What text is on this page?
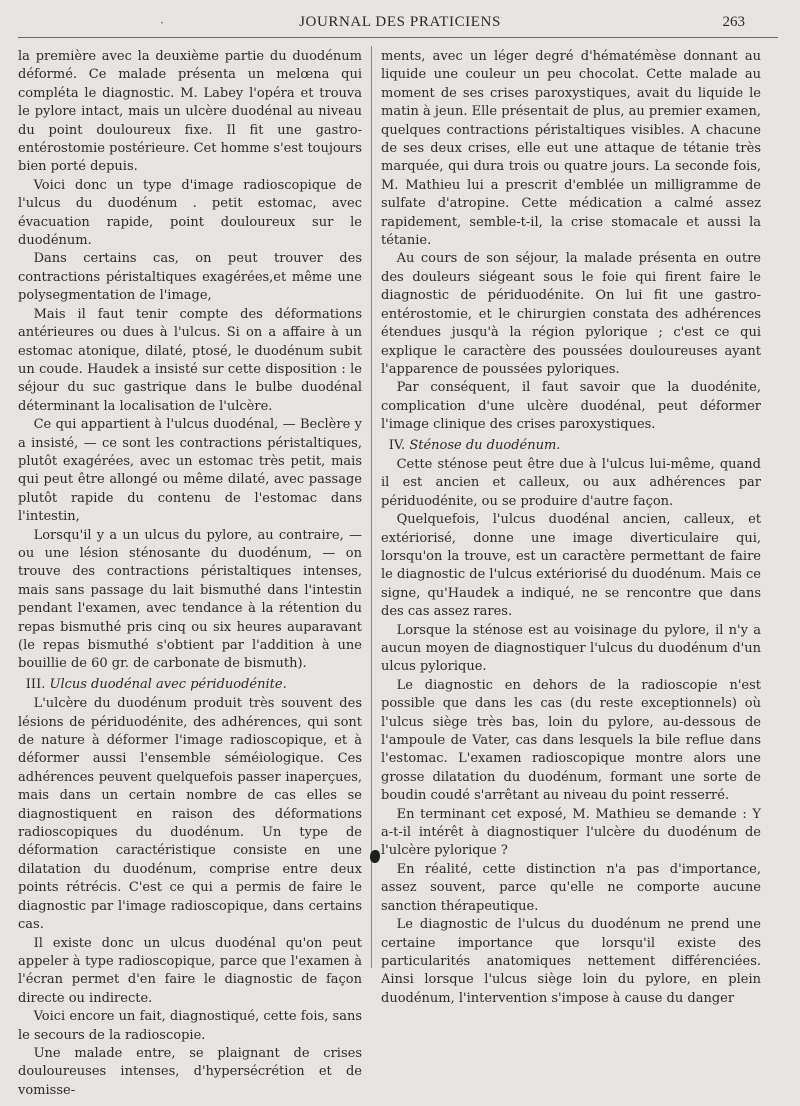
·	JOURNAL DES PRATICIENS	263

la première avec la deuxième partie du duodénum déformé. Ce malade présenta un melœna qui compléta le diagnostic. M. Labey l'opéra et trouva le pylore intact, mais un ulcère duodénal au niveau du point douloureux fixe. Il fit une gastro-entérostomie postérieure. Cet homme s'est toujours bien porté depuis.

Voici donc un type d'image radioscopique de l'ulcus du duodénum . petit estomac, avec évacuation rapide, point douloureux sur le duodénum.

Dans certains cas, on peut trouver des contractions péristaltiques exagérées,et même une polysegmentation de l'image,

Mais il faut tenir compte des déformations antérieures ou dues à l'ulcus. Si on a affaire à un estomac atonique, dilaté, ptosé, le duodénum subit un coude. Haudek a insisté sur cette disposition : le séjour du suc gastrique dans le bulbe duodénal déterminant la localisation de l'ulcère.

Ce qui appartient à l'ulcus duodénal, — Beclère y a insisté, — ce sont les contractions péristaltiques, plutôt exagérées, avec un estomac très petit, mais qui peut être allongé ou même dilaté, avec passage plutôt rapide du contenu de l'estomac dans l'intestin,

Lorsqu'il y a un ulcus du pylore, au contraire, — ou une lésion sténosante du duodénum, — on trouve des contractions péristaltiques intenses, mais sans passage du lait bismuthé dans l'intestin pendant l'examen, avec tendance à la rétention du repas bismuthé pris cinq ou six heures auparavant (le repas bismuthé s'obtient par l'addition à une bouillie de 60 gr. de carbonate de bismuth).

III. Ulcus duodénal avec périduodénite.

L'ulcère du duodénum produit très souvent des lésions de périduodénite, des adhérences, qui sont de nature à déformer l'image radioscopique, et à déformer aussi l'ensemble séméiologique. Ces adhérences peuvent quelquefois passer inaperçues, mais dans un certain nombre de cas elles se diagnostiquent en raison des déformations radioscopiques du duodénum. Un type de déformation caractéristique consiste en une dilatation du duodénum, comprise entre deux points rétrécis. C'est ce qui a permis de faire le diagnostic par l'image radioscopique, dans certains cas.

Il existe donc un ulcus duodénal qu'on peut appeler à type radioscopique, parce que l'examen à l'écran permet d'en faire le diagnostic de façon directe ou indirecte.

Voici encore un fait, diagnostiqué, cette fois, sans le secours de la radioscopie.

Une malade entre, se plaignant de crises douloureuses intenses, d'hypersécrétion et de vomisse-

ments, avec un léger degré d'hématémèse donnant au liquide une couleur un peu chocolat. Cette malade au moment de ses crises paroxystiques, avait du liquide le matin à jeun. Elle présentait de plus, au premier examen, quelques contractions péristaltiques visibles. A chacune de ses deux crises, elle eut une attaque de tétanie très marquée, qui dura trois ou quatre jours. La seconde fois, M. Mathieu lui a prescrit d'emblée un milligramme de sulfate d'atropine. Cette médication a calmé assez rapidement, semble-t-il, la crise stomacale et aussi la tétanie.

Au cours de son séjour, la malade présenta en outre des douleurs siégeant sous le foie qui firent faire le diagnostic de périduodénite. On lui fit une gastro-entérostomie, et le chirurgien constata des adhérences étendues jusqu'à la région pylorique ; c'est ce qui explique le caractère des poussées douloureuses ayant l'apparence de poussées pyloriques.

Par conséquent, il faut savoir que la duodénite, complication d'une ulcère duodénal, peut déformer l'image clinique des crises paroxystiques.

IV. Sténose du duodénum.

Cette sténose peut être due à l'ulcus lui-même, quand il est ancien et calleux, ou aux adhérences par périduodénite, ou se produire d'autre façon.

Quelquefois, l'ulcus duodénal ancien, calleux, et extériorisé, donne une image diverticulaire qui, lorsqu'on la trouve, est un caractère permettant de faire le diagnostic de l'ulcus extériorisé du duodénum. Mais ce signe, qu'Haudek a indiqué, ne se rencontre que dans des cas assez rares.

Lorsque la sténose est au voisinage du pylore, il n'y a aucun moyen de diagnostiquer l'ulcus du duodénum d'un ulcus pylorique.

Le diagnostic en dehors de la radioscopie n'est possible que dans les cas (du reste exceptionnels) où l'ulcus siège très bas, loin du pylore, au-dessous de l'ampoule de Vater, cas dans lesquels la bile reflue dans l'estomac. L'examen radioscopique montre alors une grosse dilatation du duodénum, formant une sorte de boudin coudé s'arrêtant au niveau du point resserré.

En terminant cet exposé, M. Mathieu se demande : Y a-t-il intérêt à diagnostiquer l'ulcère du duodénum de l'ulcère pylorique ?

En réalité, cette distinction n'a pas d'importance, assez souvent, parce qu'elle ne comporte aucune sanction thérapeutique.

Le diagnostic de l'ulcus du duodénum ne prend une certaine importance que lorsqu'il existe des particularités anatomiques nettement différenciées. Ainsi lorsque l'ulcus siège loin du pylore, en plein duodénum, l'intervention s'impose à cause du danger
